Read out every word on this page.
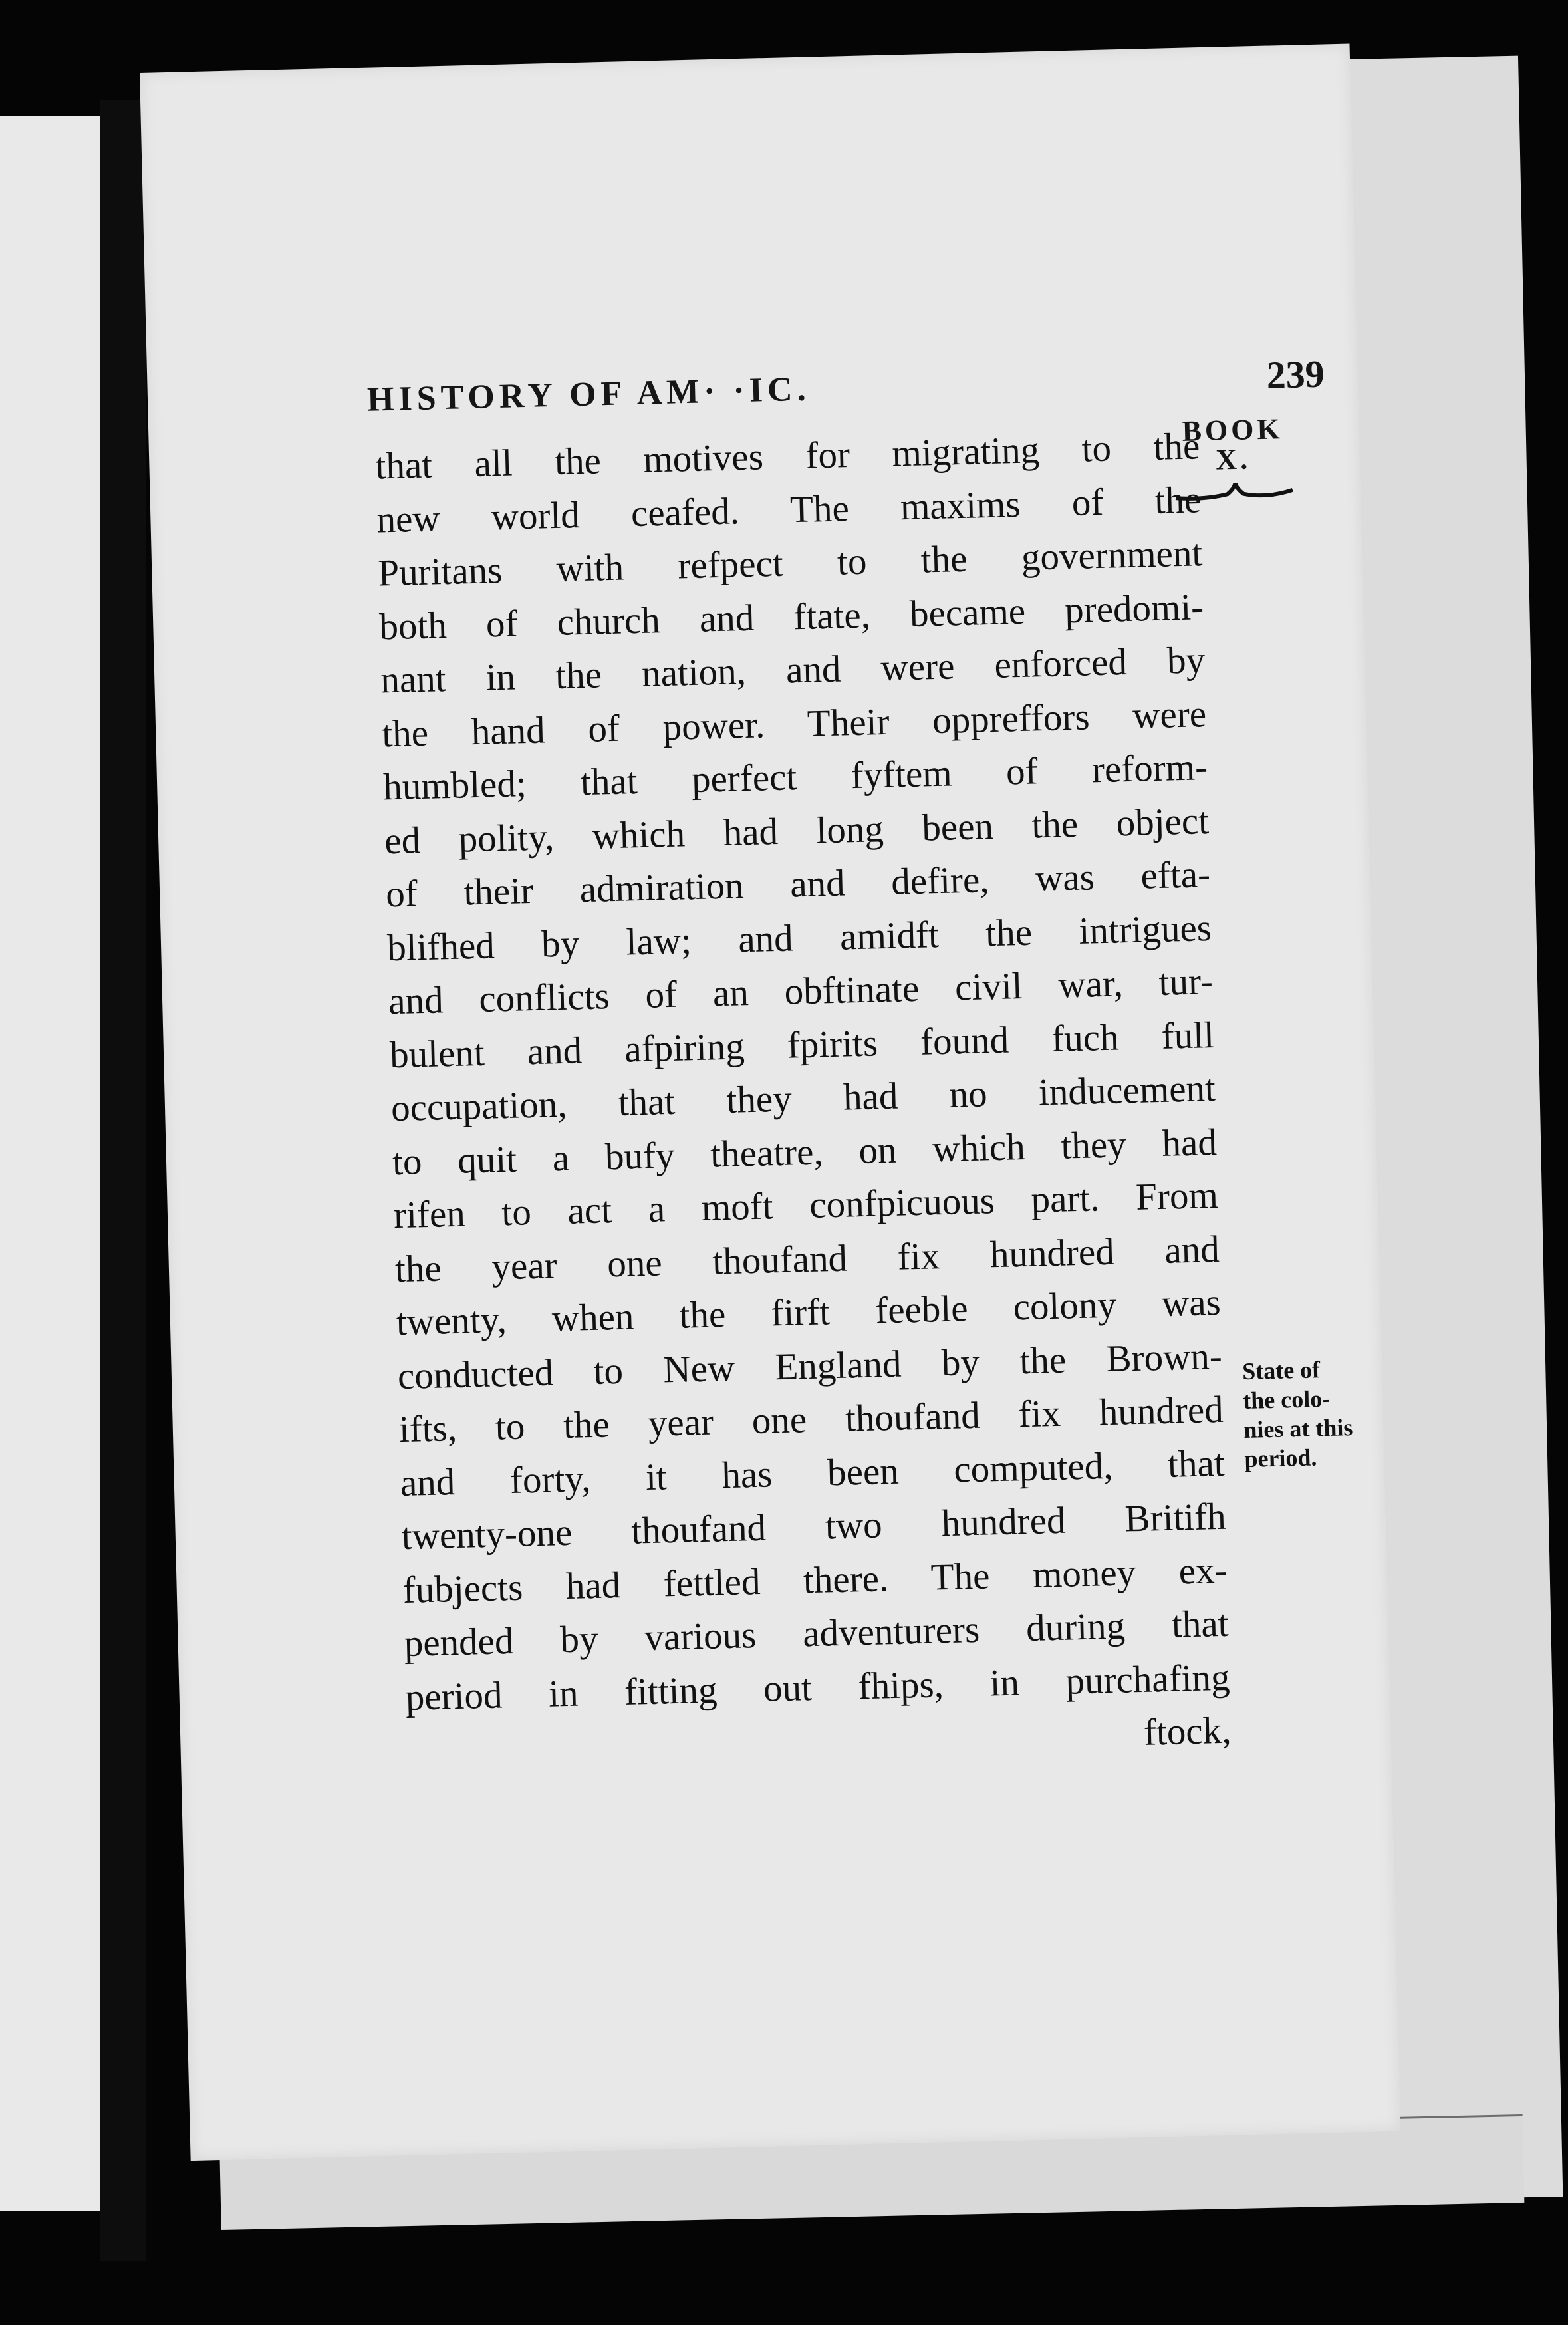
HISTORY OF AM· ·IC.	239
BOOK
X.
that all the motives for migrating to the
new world ceafed. The maxims of the
Puritans with refpect to the government
both of church and ftate, became predomi-
nant in the nation, and were enforced by
the hand of power. Their oppreffors were
humbled; that perfect fyftem of reform-
ed polity, which had long been the object
of their admiration and defire, was efta-
blifhed by law; and amidft the intrigues
and conflicts of an obftinate civil war, tur-
bulent and afpiring fpirits found fuch full
occupation, that they had no inducement
to quit a bufy theatre, on which they had
rifen to act a moft confpicuous part. From
the year one thoufand fix hundred and
twenty, when the firft feeble colony was
conducted to New England by the Brown-
ifts, to the year one thoufand fix hundred
and forty, it has been computed, that
twenty-one thoufand two hundred Britifh
fubjects had fettled there. The money ex-
pended by various adventurers during that
period in fitting out fhips, in purchafing
ftock,
State of
the colo-
nies at this
period.
